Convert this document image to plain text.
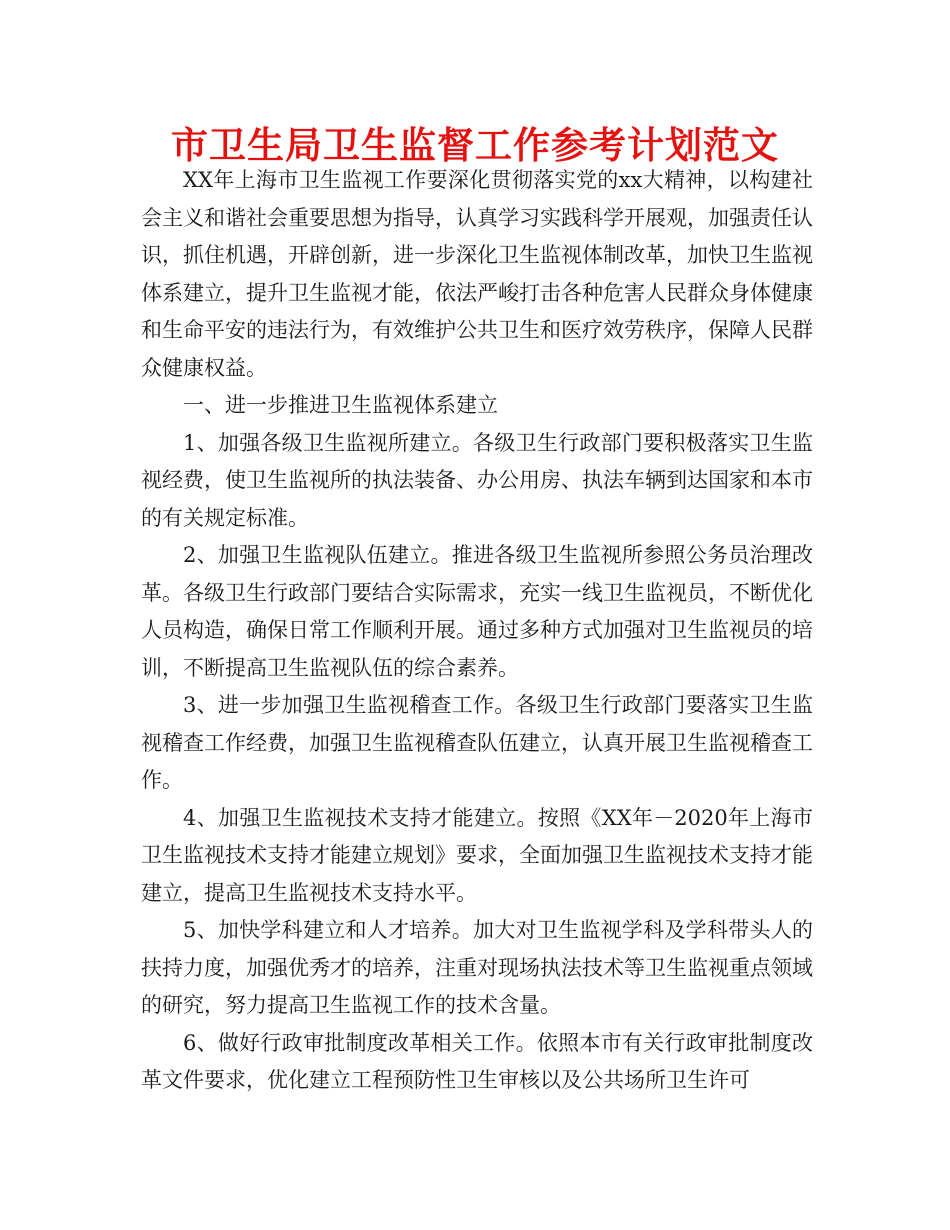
市卫生局卫生监督工作参考计划范文

XX年上海市卫生监视工作要深化贯彻落实党的xx大精神，以构建社会主义和谐社会重要思想为指导，认真学习实践科学开展观，加强责任认识，抓住机遇，开辟创新，进一步深化卫生监视体制改革，加快卫生监视体系建立，提升卫生监视才能，依法严峻打击各种危害人民群众身体健康和生命平安的违法行为，有效维护公共卫生和医疗效劳秩序，保障人民群众健康权益。

一、进一步推进卫生监视体系建立

1、加强各级卫生监视所建立。各级卫生行政部门要积极落实卫生监视经费，使卫生监视所的执法装备、办公用房、执法车辆到达国家和本市的有关规定标准。

2、加强卫生监视队伍建立。推进各级卫生监视所参照公务员治理改革。各级卫生行政部门要结合实际需求，充实一线卫生监视员，不断优化人员构造，确保日常工作顺利开展。通过多种方式加强对卫生监视员的培训，不断提高卫生监视队伍的综合素养。

3、进一步加强卫生监视稽查工作。各级卫生行政部门要落实卫生监视稽查工作经费，加强卫生监视稽查队伍建立，认真开展卫生监视稽查工作。

4、加强卫生监视技术支持才能建立。按照《XX年－2020年上海市卫生监视技术支持才能建立规划》要求，全面加强卫生监视技术支持才能建立，提高卫生监视技术支持水平。

5、加快学科建立和人才培养。加大对卫生监视学科及学科带头人的扶持力度，加强优秀才的培养，注重对现场执法技术等卫生监视重点领域的研究，努力提高卫生监视工作的技术含量。

6、做好行政审批制度改革相关工作。依照本市有关行政审批制度改革文件要求，优化建立工程预防性卫生审核以及公共场所卫生许可
